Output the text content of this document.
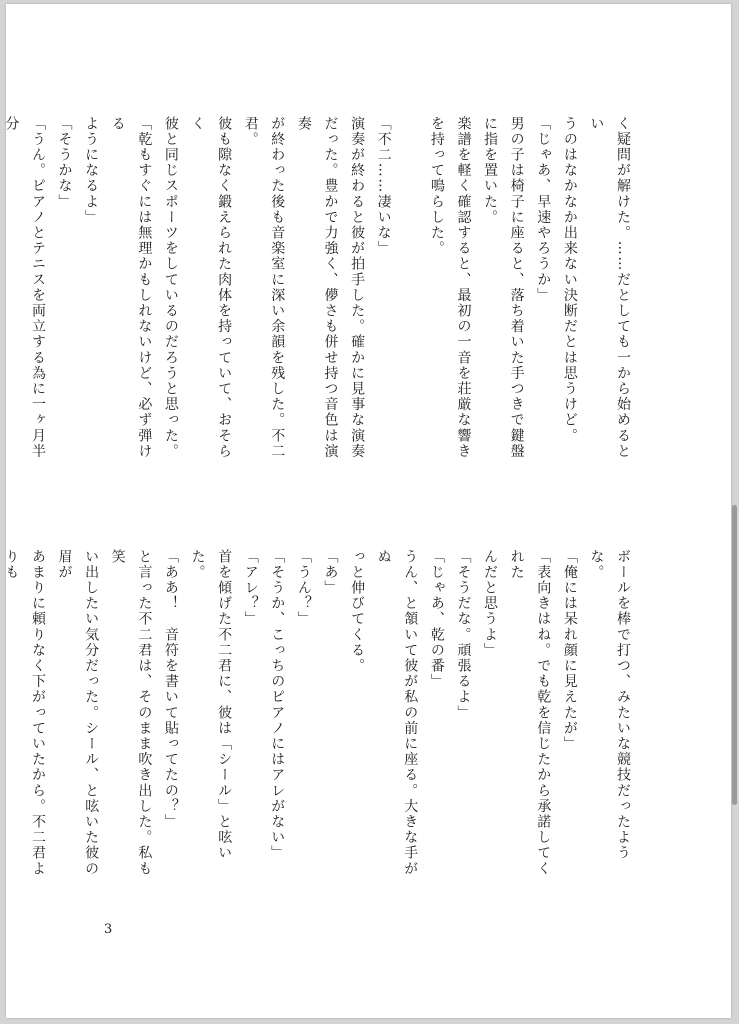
く疑問が解けた。……だとしても一から始めるとい

うのはなかなか出来ない決断だとは思うけど。

「じゃあ、早速やろうか」

男の子は椅子に座ると、落ち着いた手つきで鍵盤

に指を置いた。

楽譜を軽く確認すると、最初の一音を荘厳な響き

を持って鳴らした。

「不二……凄いな」

演奏が終わると彼が拍手した。確かに見事な演奏

だった。豊かで力強く、儚さも併せ持つ音色は演奏

が終わった後も音楽室に深い余韻を残した。不二君。

彼も隙なく鍛えられた肉体を持っていて、おそらく

彼と同じスポーツをしているのだろうと思った。

「乾もすぐには無理かもしれないけど、必ず弾ける

ようになるよ」

「そうかな」

「うん。ピアノとテニスを両立する為に一ヶ月半分

ボールを棒で打つ、みたいな競技だったような。

「俺には呆れ顔に見えたが」

「表向きはね。でも乾を信じたから承諾してくれた

んだと思うよ」

「そうだな。頑張るよ」

「じゃあ、乾の番」

うん、と頷いて彼が私の前に座る。大きな手がぬ

っと伸びてくる。

「あ」

「うん？」

「そうか、こっちのピアノにはアレがない」

「アレ？」

首を傾げた不二君に、彼は「シール」と呟いた。

「ああ！　音符を書いて貼ってたの？」

と言った不二君は、そのまま吹き出した。私も笑

い出したい気分だった。シール、と呟いた彼の眉が

あまりに頼りなく下がっていたから。不二君よりも

3
